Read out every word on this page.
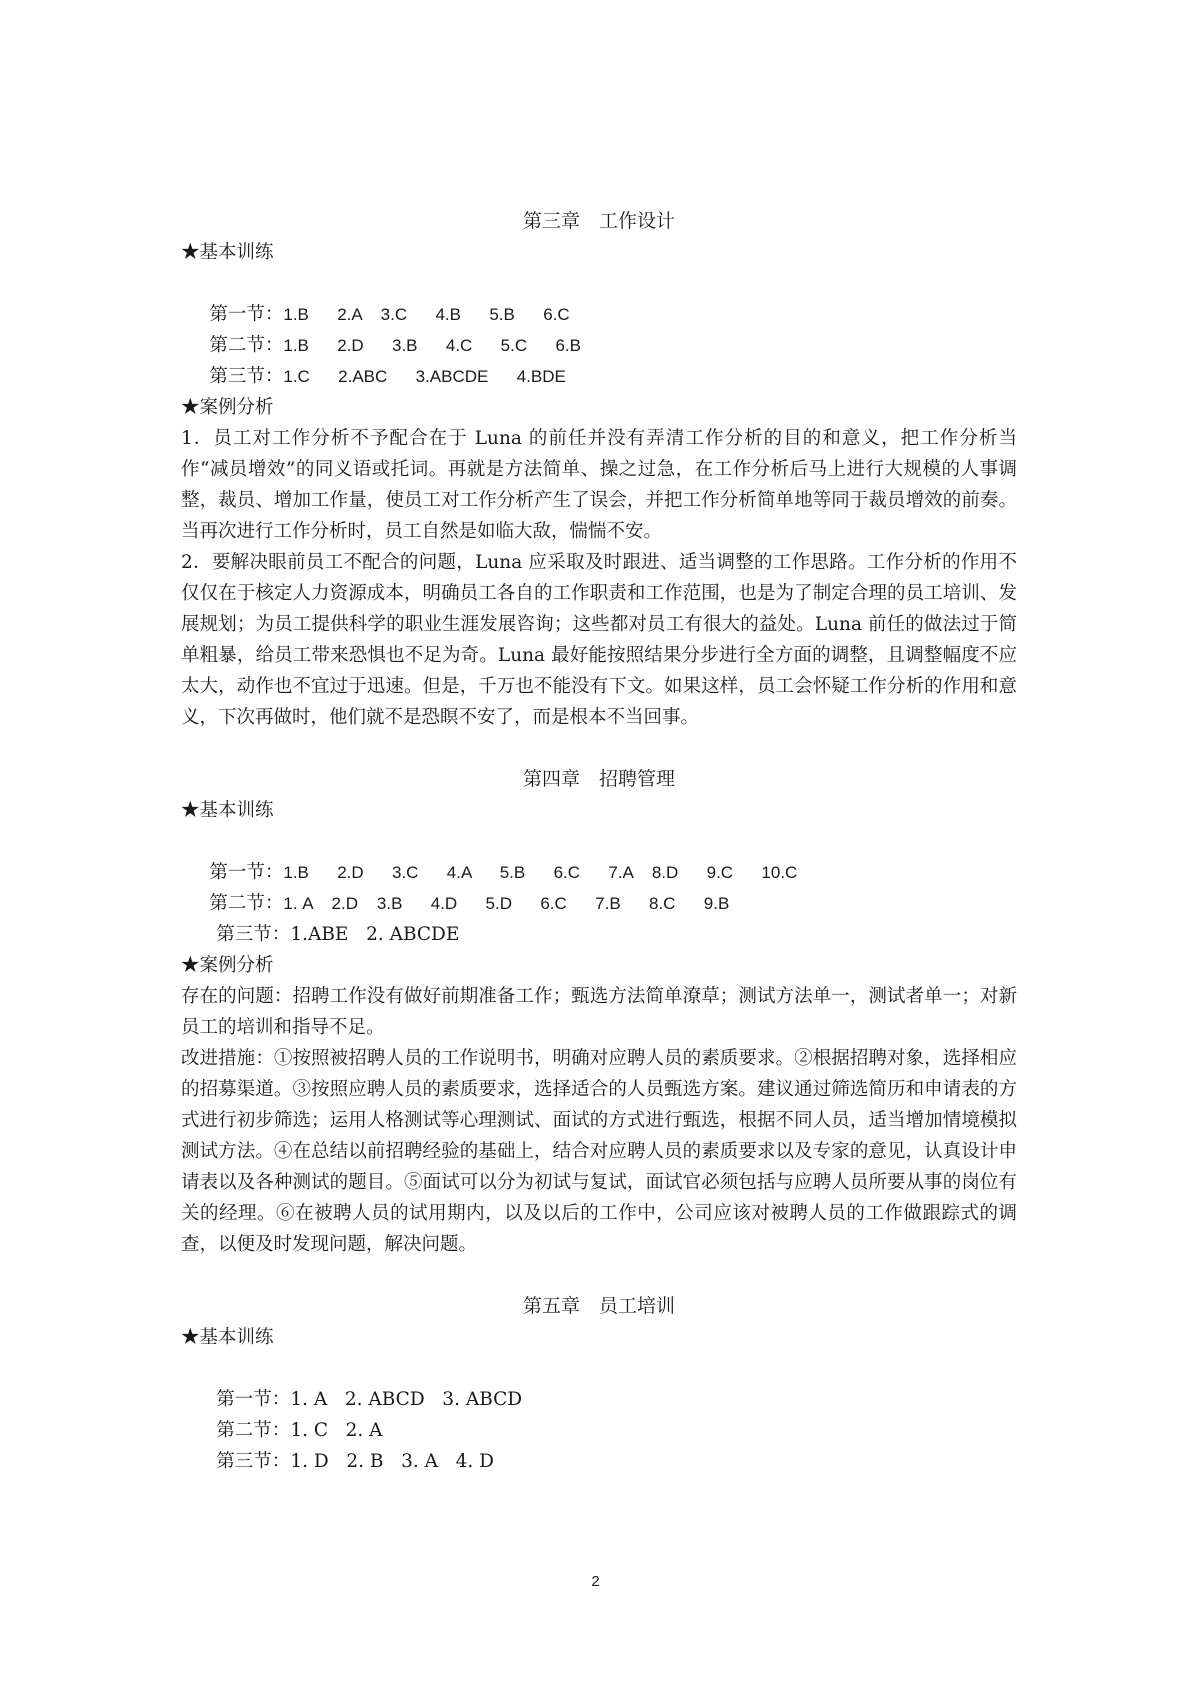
第三章　工作设计
★基本训练

第一节：1.B      2.A    3.C      4.B      5.B      6.C

第二节：1.B      2.D      3.B      4.C      5.C      6.B

第三节：1.C      2.ABC      3.ABCDE      4.BDE

★案例分析
1．员工对工作分析不予配合在于 Luna 的前任并没有弄清工作分析的目的和意义，把工作分析当作“减员增效”的同义语或托词。再就是方法简单、操之过急，在工作分析后马上进行大规模的人事调整，裁员、增加工作量，使员工对工作分析产生了误会，并把工作分析简单地等同于裁员增效的前奏。当再次进行工作分析时，员工自然是如临大敌，惴惴不安。
2．要解决眼前员工不配合的问题，Luna 应采取及时跟进、适当调整的工作思路。工作分析的作用不仅仅在于核定人力资源成本，明确员工各自的工作职责和工作范围，也是为了制定合理的员工培训、发展规划；为员工提供科学的职业生涯发展咨询；这些都对员工有很大的益处。Luna 前任的做法过于简单粗暴，给员工带来恐惧也不足为奇。Luna 最好能按照结果分步进行全方面的调整，且调整幅度不应太大，动作也不宜过于迅速。但是，千万也不能没有下文。如果这样，员工会怀疑工作分析的作用和意义，下次再做时，他们就不是恐瞑不安了，而是根本不当回事。
第四章　招聘管理
★基本训练

第一节：1.B      2.D      3.C      4.A      5.B      6.C      7.A    8.D      9.C      10.C

第二节：1. A    2.D    3.B      4.D      5.D      6.C      7.B      8.C      9.B

第三节：1.ABE   2. ABCDE

★案例分析
存在的问题：招聘工作没有做好前期准备工作；甄选方法简单潦草；测试方法单一，测试者单一；对新员工的培训和指导不足。
改进措施：①按照被招聘人员的工作说明书，明确对应聘人员的素质要求。②根据招聘对象，选择相应的招募渠道。③按照应聘人员的素质要求，选择适合的人员甄选方案。建议通过筛选简历和申请表的方式进行初步筛选；运用人格测试等心理测试、面试的方式进行甄选，根据不同人员，适当增加情境模拟测试方法。④在总结以前招聘经验的基础上，结合对应聘人员的素质要求以及专家的意见，认真设计申请表以及各种测试的题目。⑤面试可以分为初试与复试，面试官必须包括与应聘人员所要从事的岗位有关的经理。⑥在被聘人员的试用期内，以及以后的工作中，公司应该对被聘人员的工作做跟踪式的调查，以便及时发现问题，解决问题。
第五章　员工培训
★基本训练

第一节：1. A   2. ABCD   3. ABCD

第二节：1. C   2. A

第三节：1. D   2. B   3. A   4. D

2
